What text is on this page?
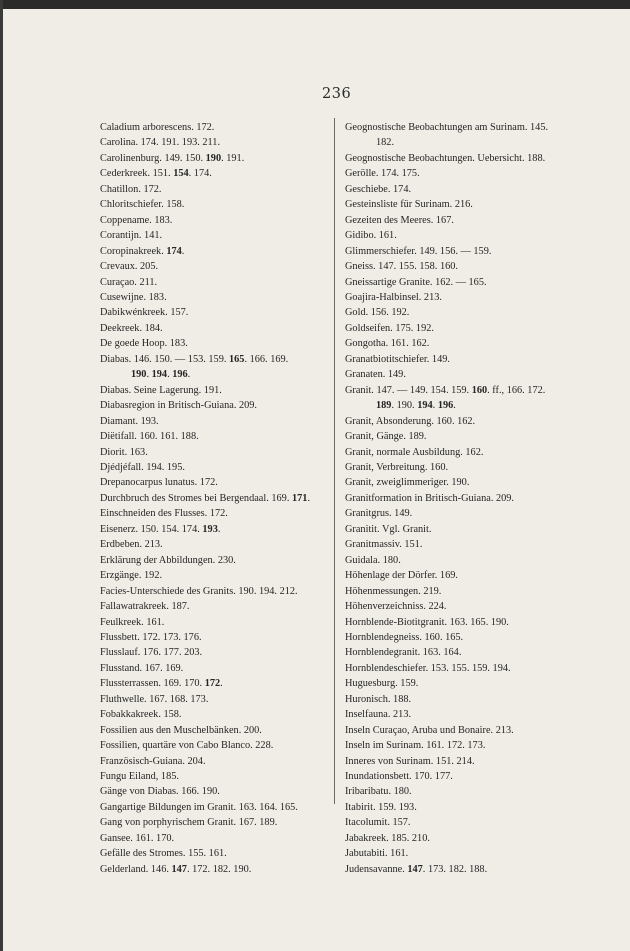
236
Caladium arborescens. 172.
Carolina. 174. 191. 193. 211.
Carolinenburg. 149. 150. 190. 191.
Cederkreek. 151. 154. 174.
Chatillon. 172.
Chloritschiefer. 158.
Coppename. 183.
Corantijn. 141.
Coropinakreek. 174.
Crevaux. 205.
Curaçao. 211.
Cusewijne. 183.
Dabikwénkreek. 157.
Deekreek. 184.
De goede Hoop. 183.
Diabas. 146. 150. — 153. 159. 165. 166. 169.
190. 194. 196.
Diabas. Seine Lagerung. 191.
Diabasregion in Britisch-Guiana. 209.
Diamant. 193.
Diëtifall. 160. 161. 188.
Diorit. 163.
Djédjéfall. 194. 195.
Drepanocarpus lunatus. 172.
Durchbruch des Stromes bei Bergendaal. 169. 171.
Einschneiden des Flusses. 172.
Eisenerz. 150. 154. 174. 193.
Erdbeben. 213.
Erklärung der Abbildungen. 230.
Erzgänge. 192.
Facies-Unterschiede des Granits. 190. 194. 212.
Fallawatrakreek. 187.
Feulkreek. 161.
Flussbett. 172. 173. 176.
Flusslauf. 176. 177. 203.
Flusstand. 167. 169.
Flussterrassen. 169. 170. 172.
Fluthwelle. 167. 168. 173.
Fobakkakreek. 158.
Fossilien aus den Muschelbänken. 200.
Fossilien, quartäre von Cabo Blanco. 228.
Französisch-Guiana. 204.
Fungu Eiland, 185.
Gänge von Diabas. 166. 190.
Gangartige Bildungen im Granit. 163. 164. 165.
Gang von porphyrischem Granit. 167. 189.
Gansee. 161. 170.
Gefälle des Stromes. 155. 161.
Gelderland. 146. 147. 172. 182. 190.
Geognostische Beobachtungen am Surinam. 145.
182.
Geognostische Beobachtungen. Uebersicht. 188.
Gerölle. 174. 175.
Geschiebe. 174.
Gesteinsliste für Surinam. 216.
Gezeiten des Meeres. 167.
Gidibo. 161.
Glimmerschiefer. 149. 156. — 159.
Gneiss. 147. 155. 158. 160.
Gneissartige Granite. 162. — 165.
Goajira-Halbinsel. 213.
Gold. 156. 192.
Goldseifen. 175. 192.
Gongotha. 161. 162.
Granatbiotitschiefer. 149.
Granaten. 149.
Granit. 147. — 149. 154. 159. 160. ff., 166. 172.
189. 190. 194. 196.
Granit, Absonderung. 160. 162.
Granit, Gänge. 189.
Granit, normale Ausbildung. 162.
Granit, Verbreitung. 160.
Granit, zweiglimmeriger. 190.
Granitformation in Britisch-Guiana. 209.
Granitgrus. 149.
Granitit. Vgl. Granit.
Granitmassiv. 151.
Guidala. 180.
Höhenlage der Dörfer. 169.
Höhenmessungen. 219.
Höhenverzeichniss. 224.
Hornblende-Biotitgranit. 163. 165. 190.
Hornblendegneiss. 160. 165.
Hornblendegranit. 163. 164.
Hornblendeschiefer. 153. 155. 159. 194.
Huguesburg. 159.
Huronisch. 188.
Inselfauna. 213.
Inseln Curaçao, Aruba und Bonaire. 213.
Inseln im Surinam. 161. 172. 173.
Inneres von Surinam. 151. 214.
Inundationsbett. 170. 177.
Iribaribatu. 180.
Itabirit. 159. 193.
Itacolumit. 157.
Jabakreek. 185. 210.
Jabutabiti. 161.
Judensavanne. 147. 173. 182. 188.
